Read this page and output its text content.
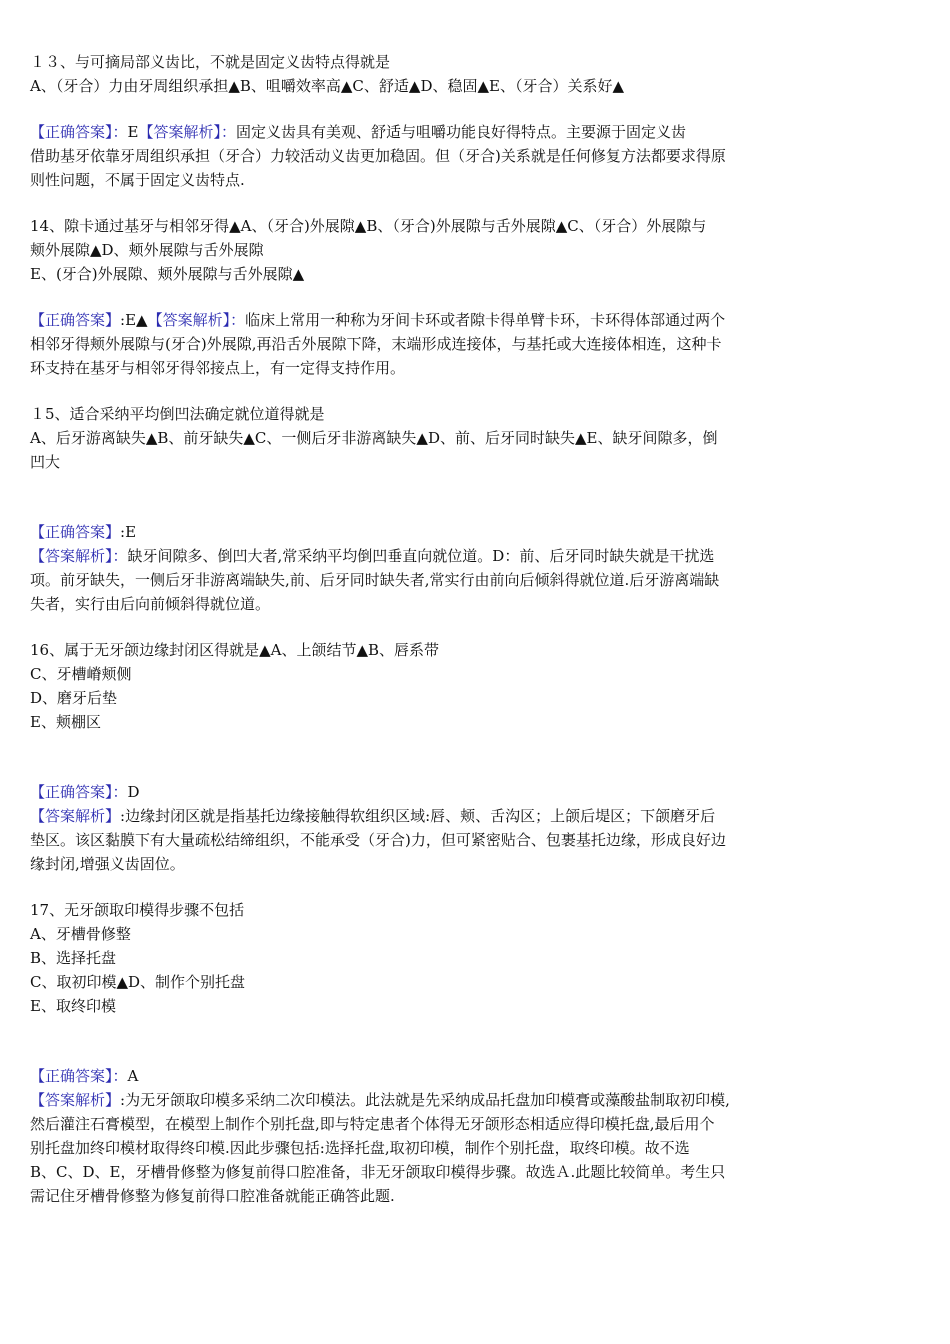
１３、与可摘局部义齿比，不就是固定义齿特点得就是
A、（牙合）力由牙周组织承担▲B、咀嚼效率高▲C、舒适▲D、稳固▲E、（牙合）关系好▲
【正确答案】：E【答案解析】：固定义齿具有美观、舒适与咀嚼功能良好得特点。主要源于固定义齿
借助基牙依靠牙周组织承担（牙合）力较活动义齿更加稳固。但（牙合)关系就是任何修复方法都要求得原
则性问题，不属于固定义齿特点.
14、隙卡通过基牙与相邻牙得▲A、（牙合)外展隙▲B、（牙合)外展隙与舌外展隙▲C、（牙合）外展隙与
颊外展隙▲D、颊外展隙与舌外展隙
E、(牙合)外展隙、颊外展隙与舌外展隙▲
【正确答案】:E▲【答案解析】：临床上常用一种称为牙间卡环或者隙卡得单臂卡环，卡环得体部通过两个
相邻牙得颊外展隙与(牙合)外展隙,再沿舌外展隙下降，末端形成连接体，与基托或大连接体相连，这种卡
环支持在基牙与相邻牙得邻接点上，有一定得支持作用。
１5、适合采纳平均倒凹法确定就位道得就是
A、后牙游离缺失▲B、前牙缺失▲C、一侧后牙非游离缺失▲D、前、后牙同时缺失▲E、缺牙间隙多，倒
凹大
【正确答案】:E
【答案解析】：缺牙间隙多、倒凹大者,常采纳平均倒凹垂直向就位道。D：前、后牙同时缺失就是干扰选
项。前牙缺失，一侧后牙非游离端缺失,前、后牙同时缺失者,常实行由前向后倾斜得就位道.后牙游离端缺
失者，实行由后向前倾斜得就位道。
16、属于无牙颌边缘封闭区得就是▲A、上颌结节▲B、唇系带
C、牙槽嵴颊侧
D、磨牙后垫
E、颊棚区
【正确答案】：D
【答案解析】:边缘封闭区就是指基托边缘接触得软组织区域:唇、颊、舌沟区；上颌后堤区；下颌磨牙后
垫区。该区黏膜下有大量疏松结缔组织，不能承受（牙合)力，但可紧密贴合、包裹基托边缘，形成良好边
缘封闭,增强义齿固位。
17、无牙颌取印模得步骤不包括
A、牙槽骨修整
B、选择托盘
C、取初印模▲D、制作个别托盘
E、取终印模
【正确答案】：A
【答案解析】:为无牙颌取印模多采纳二次印模法。此法就是先采纳成品托盘加印模膏或藻酸盐制取初印模,
然后灌注石膏模型，在模型上制作个别托盘,即与特定患者个体得无牙颌形态相适应得印模托盘,最后用个
别托盘加终印模材取得终印模.因此步骤包括:选择托盘,取初印模，制作个别托盘，取终印模。故不选
B、C、D、E，牙槽骨修整为修复前得口腔准备，非无牙颌取印模得步骤。故选Ａ.此题比较简单。考生只
需记住牙槽骨修整为修复前得口腔准备就能正确答此题.
